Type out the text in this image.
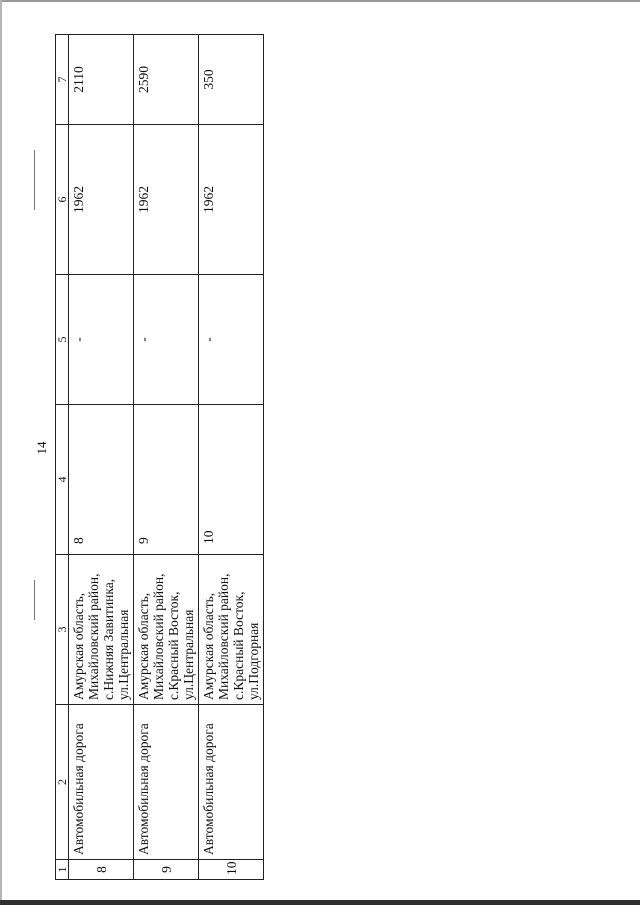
14
1	2	3	4	5	6	7
8	Автомобильная дорога	Амурская область, Михайловский район, с.Нижняя Завитинка, ул.Центральная	8	-	1962	2110
9	Автомобильная дорога	Амурская область, Михайловский район, с.Красный Восток, ул.Центральная	9	-	1962	2590
10	Автомобильная дорога	Амурская область, Михайловский район, с.Красный Восток, ул.Подгорная	10	-	1962	350
